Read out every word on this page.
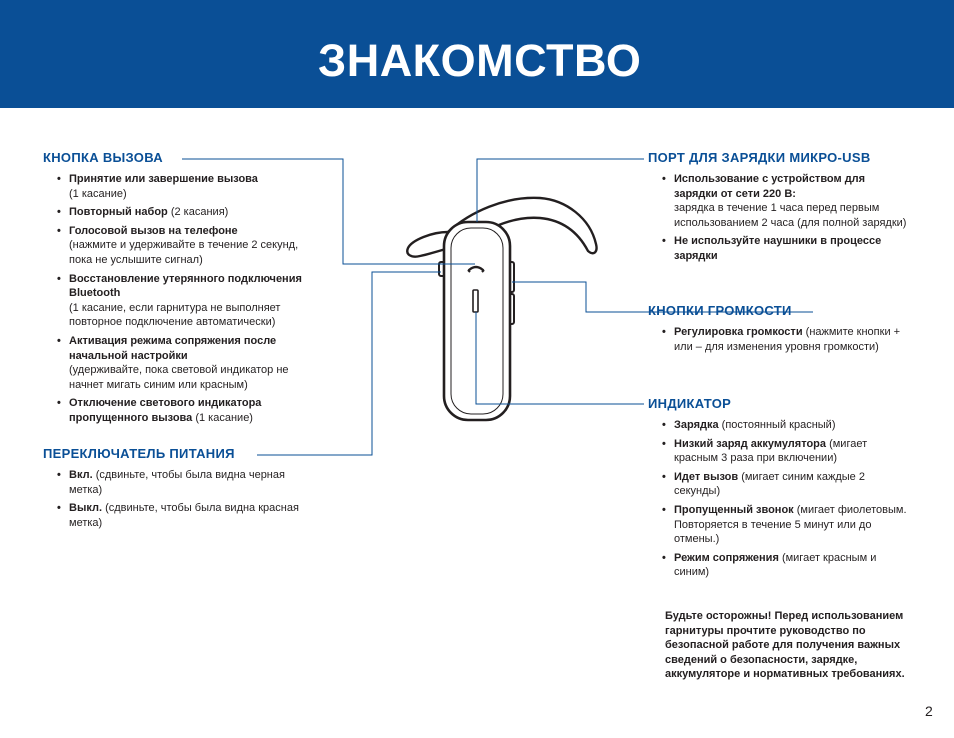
ЗНАКОМСТВО
КНОПКА ВЫЗОВА
• Принятие или завершение вызова
(1 касание)
• Повторный набор (2 касания)
• Голосовой вызов на телефоне
(нажмите и удерживайте в течение 2 секунд, пока не услышите сигнал)
• Восстановление утерянного подключения Bluetooth
(1 касание, если гарнитура не выполняет повторное подключение автоматически)
• Активация режима сопряжения после начальной настройки
(удерживайте, пока световой индикатор не начнет мигать синим или красным)
• Отключение светового индикатора пропущенного вызова (1 касание)
ПЕРЕКЛЮЧАТЕЛЬ ПИТАНИЯ
• Вкл. (сдвиньте, чтобы была видна черная метка)
• Выкл. (сдвиньте, чтобы была видна красная метка)
ПОРТ ДЛЯ ЗАРЯДКИ МИКРО-USB
• Использование с устройством для зарядки от сети 220 В:
зарядка в течение 1 часа перед первым использованием 2 часа (для полной зарядки)
• Не используйте наушники в процессе зарядки
КНОПКИ ГРОМКОСТИ
• Регулировка громкости (нажмите кнопки + или – для изменения уровня громкости)
ИНДИКАТОР
• Зарядка (постоянный красный)
• Низкий заряд аккумулятора (мигает красным 3 раза при включении)
• Идет вызов (мигает синим каждые 2 секунды)
• Пропущенный звонок (мигает фиолетовым. Повторяется в течение 5 минут или до отмены.)
• Режим сопряжения (мигает красным и синим)
Будьте осторожны! Перед использованием гарнитуры прочтите руководство по безопасной работе для получения важных сведений о безопасности, зарядке, аккумуляторе и нормативных требованиях.
2
